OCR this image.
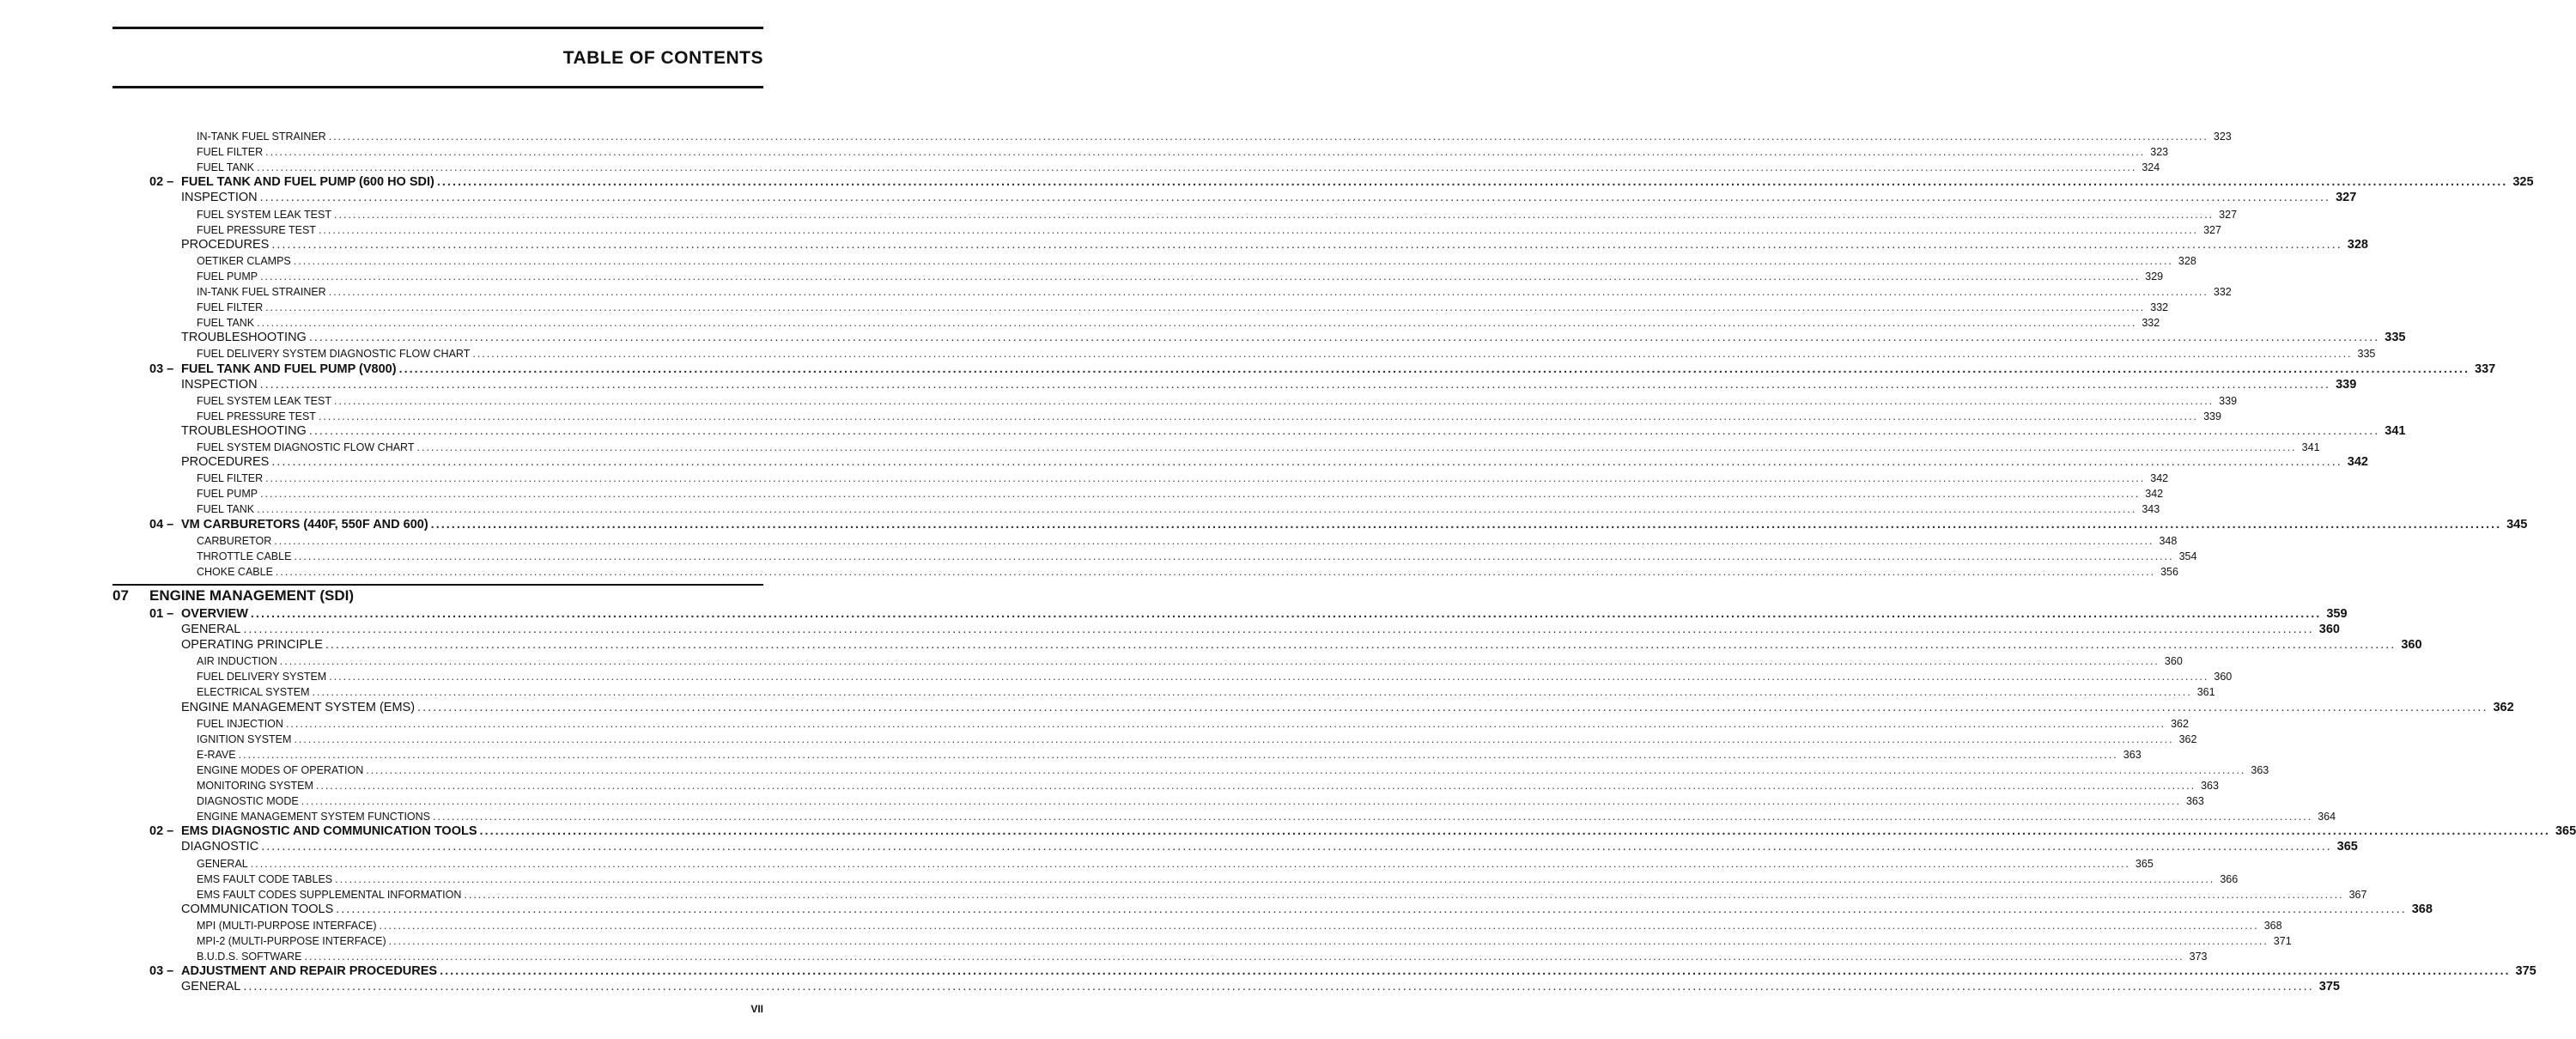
TABLE OF CONTENTS
IN-TANK FUEL STRAINER ................................................................................................................................................................................................................................................................................................................................................................................................................ 323
FUEL FILTER ................................................................................................................................................................................................................................................................................................................................................................................................................ 323
FUEL TANK ................................................................................................................................................................................................................................................................................................................................................................................................................ 324
02 – FUEL TANK AND FUEL PUMP (600 HO SDI) ................................................................................................................................................................................................................................................................................................................................................................................................................ 325
INSPECTION ................................................................................................................................................................................................................................................................................................................................................................................................................ 327
FUEL SYSTEM LEAK TEST ................................................................................................................................................................................................................................................................................................................................................................................................................ 327
FUEL PRESSURE TEST ................................................................................................................................................................................................................................................................................................................................................................................................................ 327
PROCEDURES ................................................................................................................................................................................................................................................................................................................................................................................................................ 328
OETIKER CLAMPS ................................................................................................................................................................................................................................................................................................................................................................................................................ 328
FUEL PUMP ................................................................................................................................................................................................................................................................................................................................................................................................................ 329
IN-TANK FUEL STRAINER ................................................................................................................................................................................................................................................................................................................................................................................................................ 332
FUEL FILTER ................................................................................................................................................................................................................................................................................................................................................................................................................ 332
FUEL TANK ................................................................................................................................................................................................................................................................................................................................................................................................................ 332
TROUBLESHOOTING ................................................................................................................................................................................................................................................................................................................................................................................................................ 335
FUEL DELIVERY SYSTEM DIAGNOSTIC FLOW CHART ................................................................................................................................................................................................................................................................................................................................................................................................................ 335
03 – FUEL TANK AND FUEL PUMP (V800) ................................................................................................................................................................................................................................................................................................................................................................................................................ 337
INSPECTION ................................................................................................................................................................................................................................................................................................................................................................................................................ 339
FUEL SYSTEM LEAK TEST ................................................................................................................................................................................................................................................................................................................................................................................................................ 339
FUEL PRESSURE TEST ................................................................................................................................................................................................................................................................................................................................................................................................................ 339
TROUBLESHOOTING ................................................................................................................................................................................................................................................................................................................................................................................................................ 341
FUEL SYSTEM DIAGNOSTIC FLOW CHART ................................................................................................................................................................................................................................................................................................................................................................................................................ 341
PROCEDURES ................................................................................................................................................................................................................................................................................................................................................................................................................ 342
FUEL FILTER ................................................................................................................................................................................................................................................................................................................................................................................................................ 342
FUEL PUMP ................................................................................................................................................................................................................................................................................................................................................................................................................ 342
FUEL TANK ................................................................................................................................................................................................................................................................................................................................................................................................................ 343
04 – VM CARBURETORS (440F, 550F AND 600) ................................................................................................................................................................................................................................................................................................................................................................................................................ 345
CARBURETOR ................................................................................................................................................................................................................................................................................................................................................................................................................ 348
THROTTLE CABLE ................................................................................................................................................................................................................................................................................................................................................................................................................ 354
CHOKE CABLE ................................................................................................................................................................................................................................................................................................................................................................................................................ 356
07 ENGINE MANAGEMENT (SDI)
01 – OVERVIEW ................................................................................................................................................................................................................................................................................................................................................................................................................ 359
GENERAL ................................................................................................................................................................................................................................................................................................................................................................................................................ 360
OPERATING PRINCIPLE ................................................................................................................................................................................................................................................................................................................................................................................................................ 360
AIR INDUCTION ................................................................................................................................................................................................................................................................................................................................................................................................................ 360
FUEL DELIVERY SYSTEM ................................................................................................................................................................................................................................................................................................................................................................................................................ 360
ELECTRICAL SYSTEM ................................................................................................................................................................................................................................................................................................................................................................................................................ 361
ENGINE MANAGEMENT SYSTEM (EMS) ................................................................................................................................................................................................................................................................................................................................................................................................................ 362
FUEL INJECTION ................................................................................................................................................................................................................................................................................................................................................................................................................ 362
IGNITION SYSTEM ................................................................................................................................................................................................................................................................................................................................................................................................................ 362
E-RAVE ................................................................................................................................................................................................................................................................................................................................................................................................................ 363
ENGINE MODES OF OPERATION ................................................................................................................................................................................................................................................................................................................................................................................................................ 363
MONITORING SYSTEM ................................................................................................................................................................................................................................................................................................................................................................................................................ 363
DIAGNOSTIC MODE ................................................................................................................................................................................................................................................................................................................................................................................................................ 363
ENGINE MANAGEMENT SYSTEM FUNCTIONS ................................................................................................................................................................................................................................................................................................................................................................................................................ 364
02 – EMS DIAGNOSTIC AND COMMUNICATION TOOLS ................................................................................................................................................................................................................................................................................................................................................................................................................ 365
DIAGNOSTIC ................................................................................................................................................................................................................................................................................................................................................................................................................ 365
GENERAL ................................................................................................................................................................................................................................................................................................................................................................................................................ 365
EMS FAULT CODE TABLES ................................................................................................................................................................................................................................................................................................................................................................................................................ 366
EMS FAULT CODES SUPPLEMENTAL INFORMATION ................................................................................................................................................................................................................................................................................................................................................................................................................ 367
COMMUNICATION TOOLS ................................................................................................................................................................................................................................................................................................................................................................................................................ 368
MPI (MULTI-PURPOSE INTERFACE) ................................................................................................................................................................................................................................................................................................................................................................................................................ 368
MPI-2 (MULTI-PURPOSE INTERFACE) ................................................................................................................................................................................................................................................................................................................................................................................................................ 371
B.U.D.S. SOFTWARE ................................................................................................................................................................................................................................................................................................................................................................................................................ 373
03 – ADJUSTMENT AND REPAIR PROCEDURES ................................................................................................................................................................................................................................................................................................................................................................................................................ 375
GENERAL ................................................................................................................................................................................................................................................................................................................................................................................................................ 375
VII
